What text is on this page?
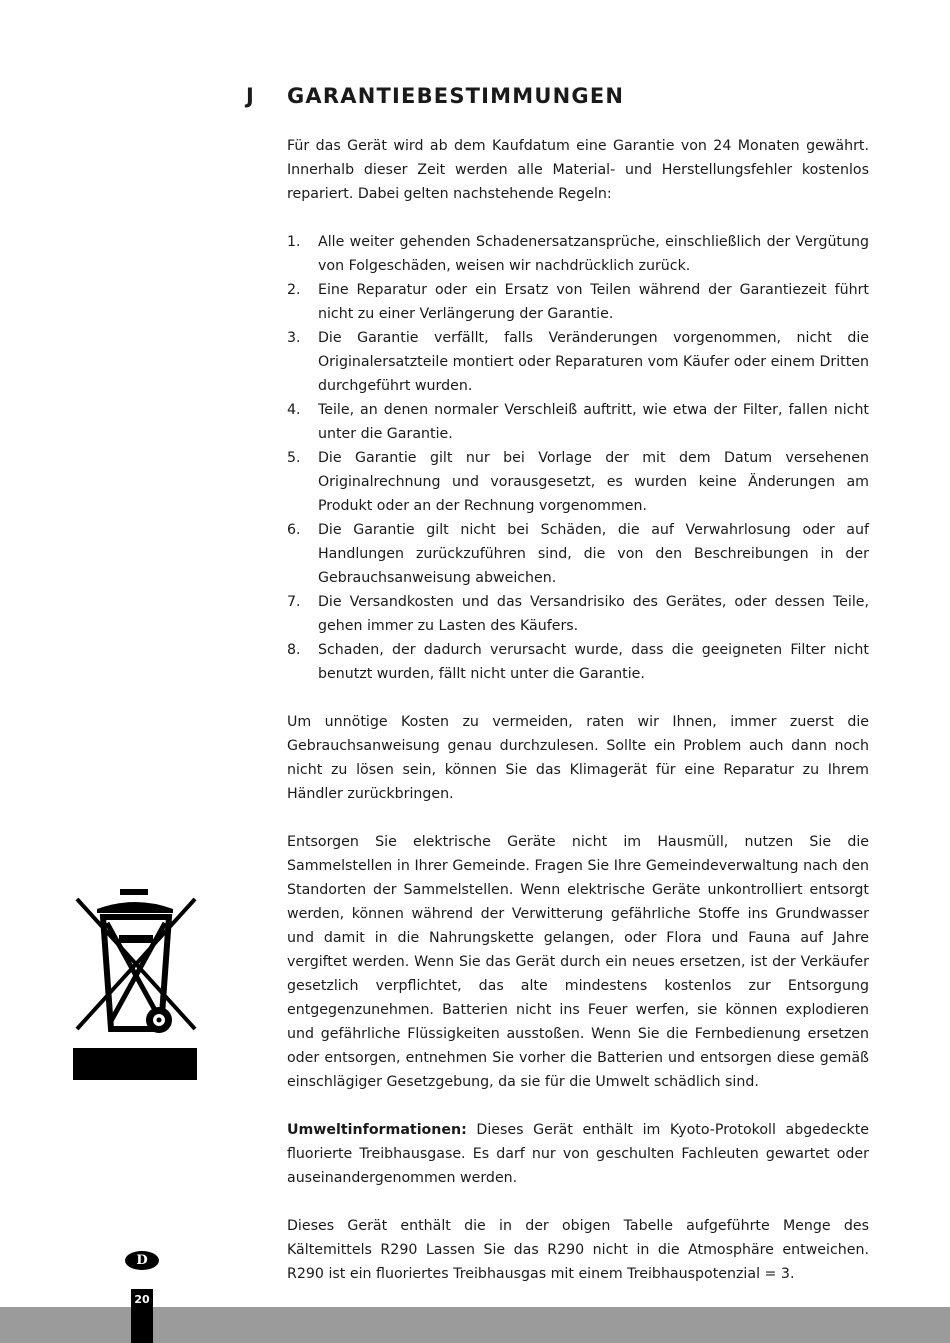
J GARANTIEBESTIMMUNGEN

Für das Gerät wird ab dem Kaufdatum eine Garantie von 24 Monaten gewährt. Innerhalb dieser Zeit werden alle Material- und Herstellungsfehler kostenlos repariert. Dabei gelten nachstehende Regeln:

1. Alle weiter gehenden Schadenersatzansprüche, einschließlich der Vergütung von Folgeschäden, weisen wir nachdrücklich zurück.
2. Eine Reparatur oder ein Ersatz von Teilen während der Garantiezeit führt nicht zu einer Verlängerung der Garantie.
3. Die Garantie verfällt, falls Veränderungen vorgenommen, nicht die Originalersatzteile montiert oder Reparaturen vom Käufer oder einem Dritten durchgeführt wurden.
4. Teile, an denen normaler Verschleiß auftritt, wie etwa der Filter, fallen nicht unter die Garantie.
5. Die Garantie gilt nur bei Vorlage der mit dem Datum versehenen Originalrechnung und vorausgesetzt, es wurden keine Änderungen am Produkt oder an der Rechnung vorgenommen.
6. Die Garantie gilt nicht bei Schäden, die auf Verwahrlosung oder auf Handlungen zurückzuführen sind, die von den Beschreibungen in der Gebrauchsanweisung abweichen.
7. Die Versandkosten und das Versandrisiko des Gerätes, oder dessen Teile, gehen immer zu Lasten des Käufers.
8. Schaden, der dadurch verursacht wurde, dass die geeigneten Filter nicht benutzt wurden, fällt nicht unter die Garantie.

Um unnötige Kosten zu vermeiden, raten wir Ihnen, immer zuerst die Gebrauchsanweisung genau durchzulesen. Sollte ein Problem auch dann noch nicht zu lösen sein, können Sie das Klimagerät für eine Reparatur zu Ihrem Händler zurückbringen.

Entsorgen Sie elektrische Geräte nicht im Hausmüll, nutzen Sie die Sammelstellen in Ihrer Gemeinde. Fragen Sie Ihre Gemeindeverwaltung nach den Standorten der Sammelstellen. Wenn elektrische Geräte unkontrolliert entsorgt werden, können während der Verwitterung gefährliche Stoffe ins Grundwasser und damit in die Nahrungskette gelangen, oder Flora und Fauna auf Jahre vergiftet werden. Wenn Sie das Gerät durch ein neues ersetzen, ist der Verkäufer gesetzlich verpflichtet, das alte mindestens kostenlos zur Entsorgung entgegenzunehmen. Batterien nicht ins Feuer werfen, sie können explodieren und gefährliche Flüssigkeiten ausstoßen. Wenn Sie die Fernbedienung ersetzen oder entsorgen, entnehmen Sie vorher die Batterien und entsorgen diese gemäß einschlägiger Gesetzgebung, da sie für die Umwelt schädlich sind.

Umweltinformationen: Dieses Gerät enthält im Kyoto-Protokoll abgedeckte fluorierte Treibhausgase. Es darf nur von geschulten Fachleuten gewartet oder auseinandergenommen werden.

Dieses Gerät enthält die in der obigen Tabelle aufgeführte Menge des Kältemittels R290 Lassen Sie das R290 nicht in die Atmosphäre entweichen. R290 ist ein fluoriertes Treibhausgas mit einem Treibhauspotenzial = 3.

D
20
